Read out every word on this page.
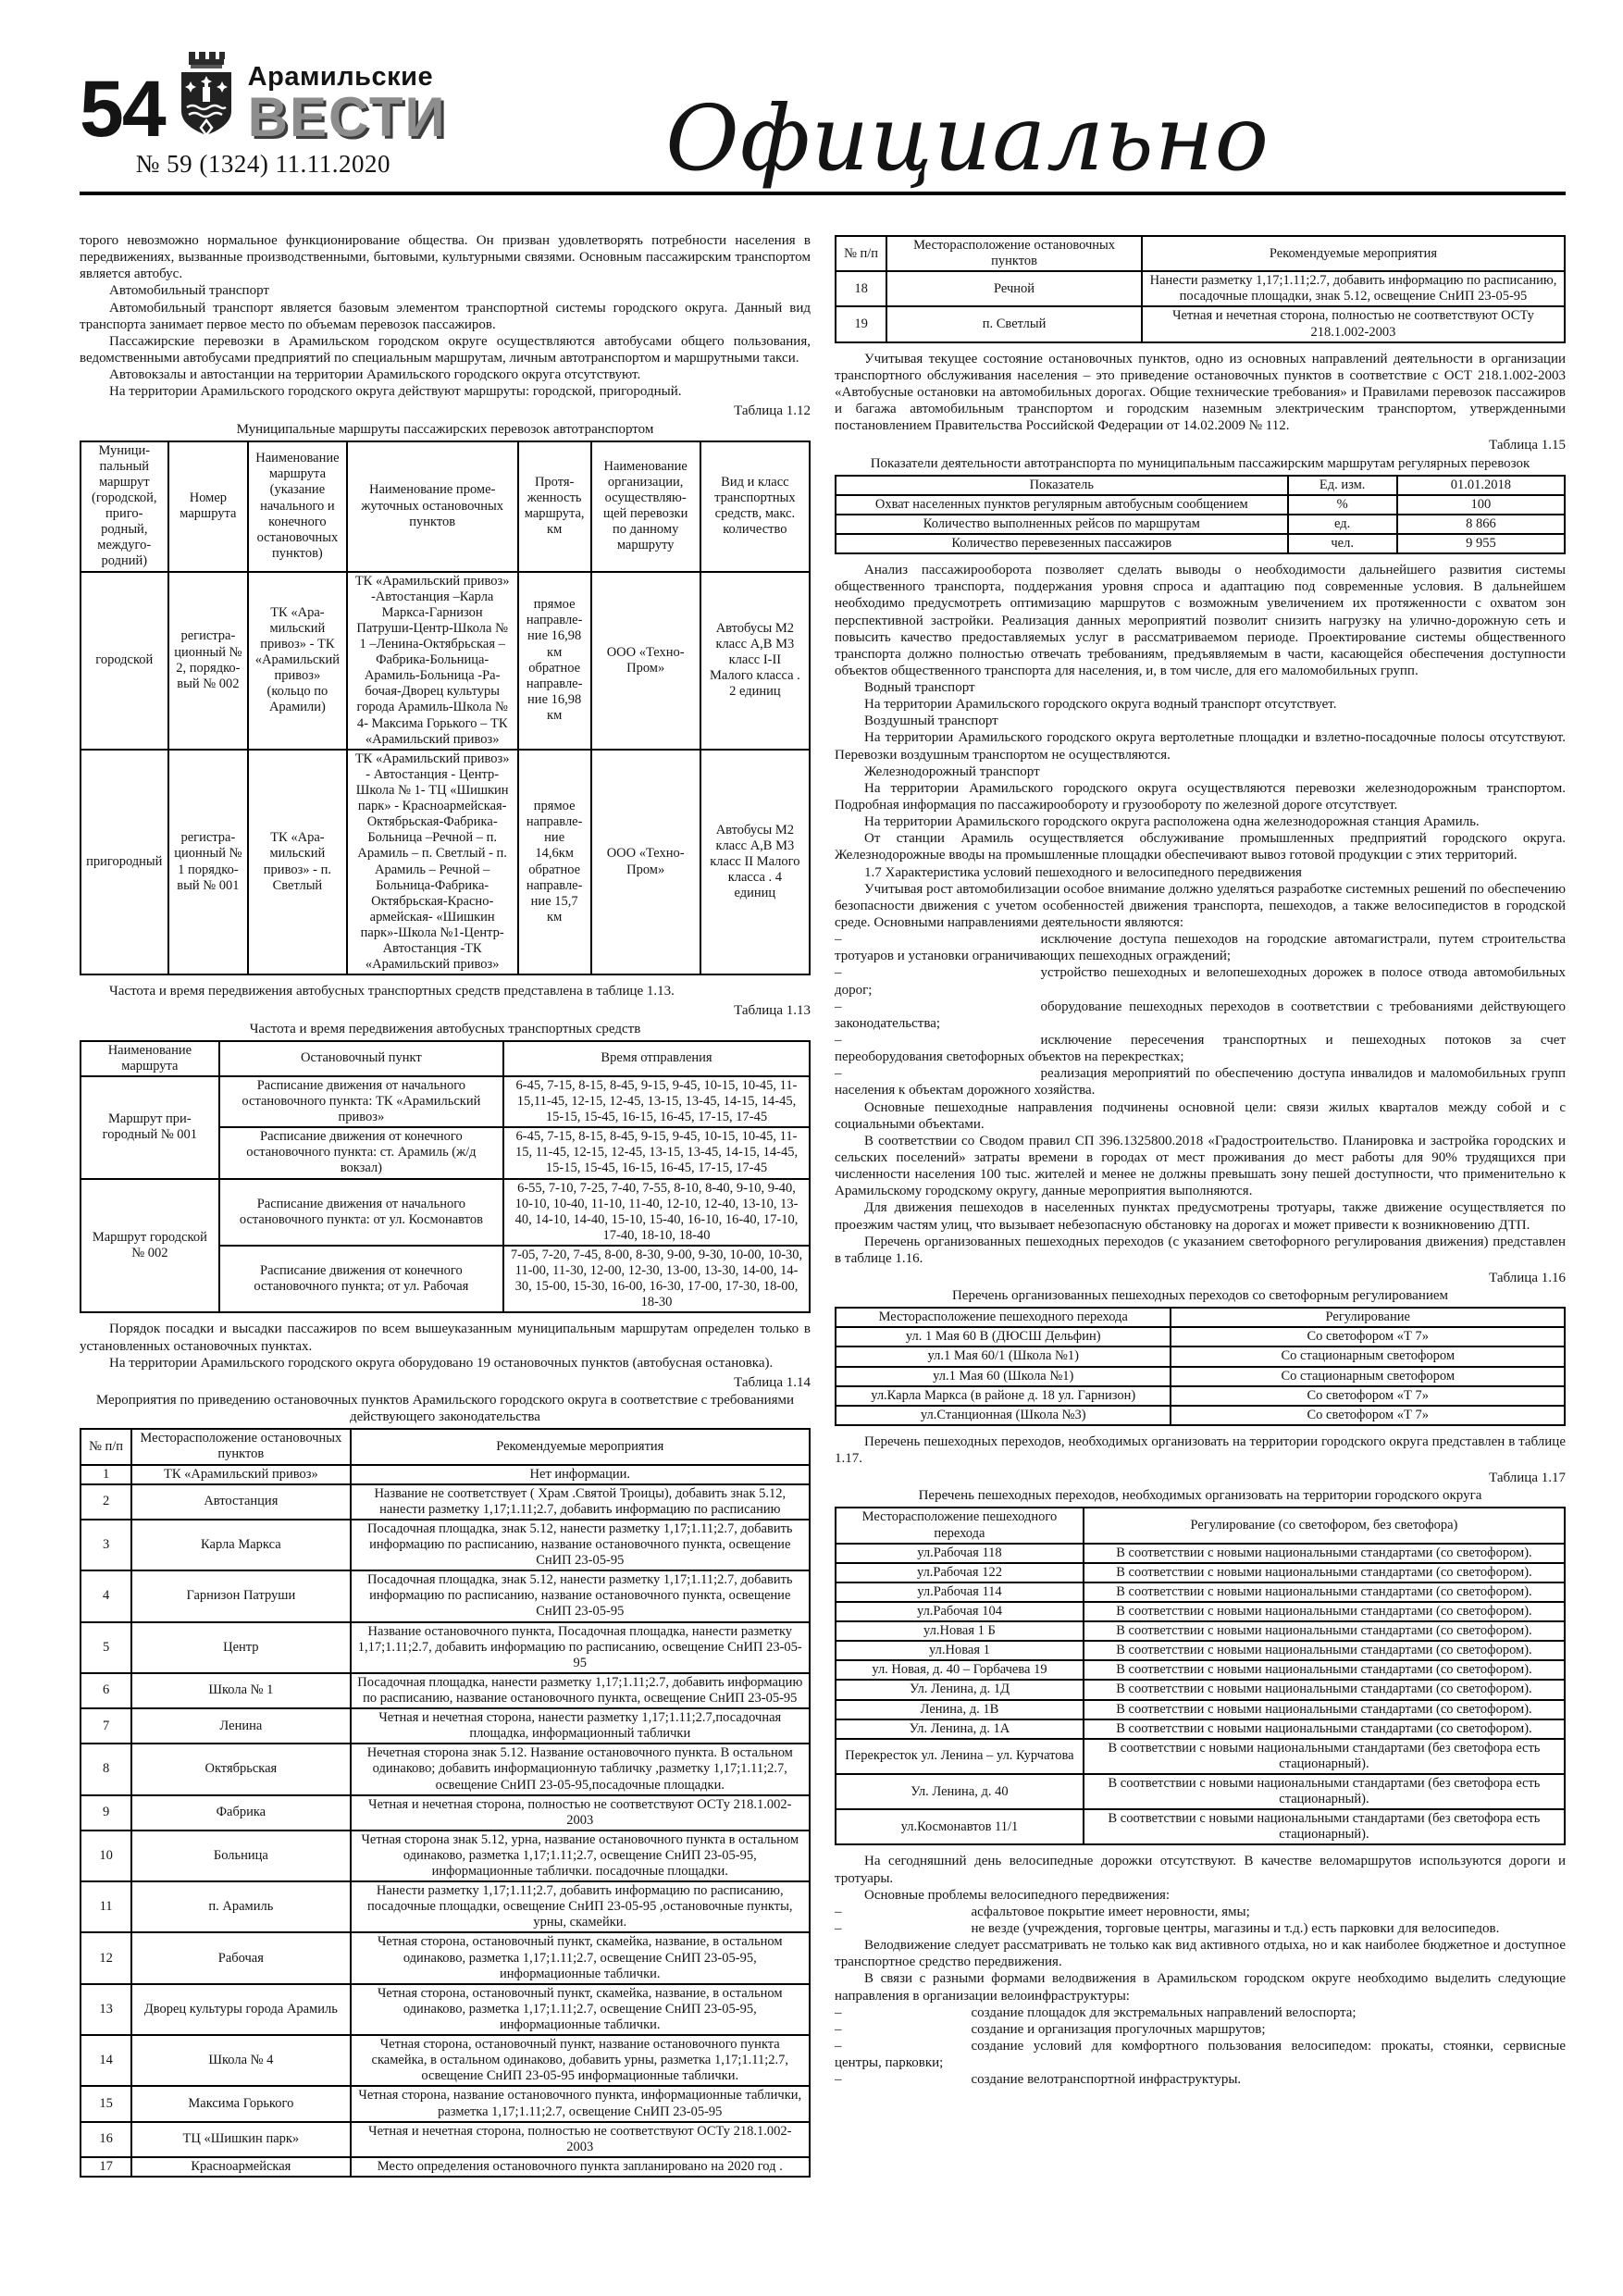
54	Арамильские
ВЕСТИ
№ 59 (1324) 11.11.2020	Официально

торого невозможно нормальное функционирование общества. Он призван удовлетворять потребности населения в передвижениях, вызванные производственными, бытовыми, культурными связями. Основным пассажирским транспортом является автобус.

Автомобильный транспорт

Автомобильный транспорт является базовым элементом транспортной системы городского округа. Данный вид транспорта занимает первое место по объемам перевозок пассажиров.

Пассажирские перевозки в Арамильском городском округе осуществляются автобусами общего пользования, ведомственными автобусами предприятий по специальным маршрутам, личным автотранспортом и маршрутными такси.

Автовокзалы и автостанции на территории Арамильского городского округа отсутствуют.

На территории Арамильского городского округа действуют маршруты: городской, пригородный.

Таблица 1.12

Муниципальные маршруты пассажирских перевозок автотранспортом

Муниципальный маршрут (городской, пригородный, междугородний)	Номер маршрута	Наименование маршрута (указание начального и конечного остановочных пунктов)	Наименование промежуточных остановочных пунктов	Протяженность маршрута, км	Наименование организации, осуществляющей перевозки по данному маршруту	Вид и класс транспортных средств, макс. количество
городской	регистрационный № 2, порядковый № 002	ТК «Арамильский привоз» - ТК «Арамильский привоз» (кольцо по Арамили)	ТК «Арамильский привоз» -Автостанция –Карла Маркса-Гарнизон Патруши-Центр-Школа № 1 –Ленина-Октябрьская – Фабрика-Больница-Арамиль-Больница -Рабочая-Дворец культуры города Арамиль-Школа № 4- Максима Горького – ТК «Арамильский привоз»	прямое направление 16,98 км обратное направление 16,98 км	ООО «Техно-Пром»	Автобусы М2 класс А,В М3 класс I-II Малого класса . 2 единиц
пригородный	регистрационный № 1 порядковый № 001	ТК «Арамильский привоз» - п. Светлый	ТК «Арамильский привоз» - Автостанция - Центр- Школа № 1- ТЦ «Шишкин парк» - Красноармейская-Октябрьская-Фабрика-Больница –Речной – п. Арамиль – п. Светлый - п. Арамиль – Речной – Больница-Фабрика-Октябрьская-Красноармейская- «Шишкин парк»-Школа №1-Центр-Автостанция -ТК «Арамильский привоз»	прямое направление 14,6км обратное направление 15,7 км	ООО «Техно-Пром»	Автобусы М2 класс А,В М3 класс II Малого класса . 4 единиц

Частота и время передвижения автобусных транспортных средств представлена в таблице 1.13.

Таблица 1.13

Частота и время передвижения автобусных транспортных средств

Наименование маршрута	Остановочный пункт	Время отправления
Маршрут пригородный № 001	Расписание движения от начального остановочного пункта: ТК «Арамильский привоз»	6-45, 7-15, 8-15, 8-45, 9-15, 9-45, 10-15, 10-45, 11-15,11-45, 12-15, 12-45, 13-15, 13-45, 14-15, 14-45, 15-15, 15-45, 16-15, 16-45, 17-15, 17-45
	Расписание движения от конечного остановочного пункта: ст. Арамиль (ж/д вокзал)	6-45, 7-15, 8-15, 8-45, 9-15, 9-45, 10-15, 10-45, 11-15, 11-45, 12-15, 12-45, 13-15, 13-45, 14-15, 14-45, 15-15, 15-45, 16-15, 16-45, 17-15, 17-45
Маршрут городской № 002	Расписание движения от начального остановочного пункта: от ул. Космонавтов	6-55, 7-10, 7-25, 7-40, 7-55, 8-10, 8-40, 9-10, 9-40, 10-10, 10-40, 11-10, 11-40, 12-10, 12-40, 13-10, 13-40, 14-10, 14-40, 15-10, 15-40, 16-10, 16-40, 17-10, 17-40, 18-10, 18-40
	Расписание движения от конечного остановочного пункта; от ул. Рабочая	7-05, 7-20, 7-45, 8-00, 8-30, 9-00, 9-30, 10-00, 10-30, 11-00, 11-30, 12-00, 12-30, 13-00, 13-30, 14-00, 14-30, 15-00, 15-30, 16-00, 16-30, 17-00, 17-30, 18-00, 18-30

Порядок посадки и высадки пассажиров по всем вышеуказанным муниципальным маршрутам определен только в установленных остановочных пунктах.

На территории Арамильского городского округа оборудовано 19 остановочных пунктов (автобусная остановка).

Таблица 1.14

Мероприятия по приведению остановочных пунктов Арамильского городского округа в соответствие с требованиями действующего законодательства

№ п/п	Месторасположение остановочных пунктов	Рекомендуемые мероприятия
1	ТК «Арамильский привоз»	Нет информации.
2	Автостанция	Название не соответствует ( Храм .Святой Троицы), добавить знак 5.12, нанести разметку 1,17;1.11;2.7, добавить информацию по расписанию
3	Карла Маркса	Посадочная площадка, знак 5.12, нанести разметку 1,17;1.11;2.7, добавить информацию по расписанию, название остановочного пункта, освещение СнИП 23-05-95
4	Гарнизон Патруши	Посадочная площадка, знак 5.12, нанести разметку 1,17;1.11;2.7, добавить информацию по расписанию, название остановочного пункта, освещение СнИП 23-05-95
5	Центр	Название остановочного пункта, Посадочная площадка, нанести разметку 1,17;1.11;2.7, добавить информацию по расписанию, освещение СнИП 23-05-95
6	Школа № 1	Посадочная площадка, нанести разметку 1,17;1.11;2.7, добавить информацию по расписанию, название остановочного пункта, освещение СнИП 23-05-95
7	Ленина	Четная и нечетная сторона, нанести разметку 1,17;1.11;2.7,посадочная площадка, информационный таблички
8	Октябрьская	Нечетная сторона знак 5.12. Название остановочного пункта. В остальном одинаково; добавить информационную табличку ,разметку 1,17;1.11;2.7, освещение СнИП 23-05-95,посадочные площадки.
9	Фабрика	Четная и нечетная сторона, полностью не соответствуют ОСТу 218.1.002-2003
10	Больница	Четная сторона знак 5.12, урна, название остановочного пункта в остальном одинаково, разметка 1,17;1.11;2.7, освещение СнИП 23-05-95, информационные таблички. посадочные площадки.
11	п. Арамиль	Нанести разметку 1,17;1.11;2.7, добавить информацию по расписанию, посадочные площадки, освещение СнИП 23-05-95 ,остановочные пункты, урны, скамейки.
12	Рабочая	Четная сторона, остановочный пункт, скамейка, название, в остальном одинаково, разметка 1,17;1.11;2.7, освещение СнИП 23-05-95, информационные таблички.
13	Дворец культуры города Арамиль	Четная сторона, остановочный пункт, скамейка, название, в остальном одинаково, разметка 1,17;1.11;2.7, освещение СнИП 23-05-95, информационные таблички.
14	Школа № 4	Четная сторона, остановочный пункт, название остановочного пункта скамейка, в остальном одинаково, добавить урны, разметка 1,17;1.11;2.7, освещение СнИП 23-05-95 информационные таблички.
15	Максима Горького	Четная сторона, название остановочного пункта, информационные таблички, разметка 1,17;1.11;2.7, освещение СнИП 23-05-95
16	ТЦ «Шишкин парк»	Четная и нечетная сторона, полностью не соответствуют ОСТу 218.1.002-2003
17	Красноармейская	Место определения остановочного пункта запланировано на 2020 год .
№ п/п	Месторасположение остановочных пунктов	Рекомендуемые мероприятия
18	Речной	Нанести разметку 1,17;1.11;2.7, добавить информацию по расписанию, посадочные площадки, знак 5.12, освещение СнИП 23-05-95
19	п. Светлый	Четная и нечетная сторона, полностью не соответствуют ОСТу 218.1.002-2003

Учитывая текущее состояние остановочных пунктов, одно из основных направлений деятельности в организации транспортного обслуживания населения – это приведение остановочных пунктов в соответствие с ОСТ 218.1.002-2003 «Автобусные остановки на автомобильных дорогах. Общие технические требования» и Правилами перевозок пассажиров и багажа автомобильным транспортом и городским наземным электрическим транспортом, утвержденными постановлением Правительства Российской Федерации от 14.02.2009 № 112.

Таблица 1.15

Показатели деятельности автотранспорта по муниципальным пассажирским маршрутам регулярных перевозок

Показатель	Ед. изм.	01.01.2018
Охват населенных пунктов регулярным автобусным сообщением	%	100
Количество выполненных рейсов по маршрутам	ед.	8 866
Количество перевезенных пассажиров	чел.	9 955

Анализ пассажирооборота позволяет сделать выводы о необходимости дальнейшего развития системы общественного транспорта, поддержания уровня спроса и адаптацию под современные условия. В дальнейшем необходимо предусмотреть оптимизацию маршрутов с возможным увеличением их протяженности с охватом зон перспективной застройки. Реализация данных мероприятий позволит снизить нагрузку на улично-дорожную сеть и повысить качество предоставляемых услуг в рассматриваемом периоде. Проектирование системы общественного транспорта должно полностью отвечать требованиям, предъявляемым в части, касающейся обеспечения доступности объектов общественного транспорта для населения, и, в том числе, для его маломобильных групп.

Водный транспорт

На территории Арамильского городского округа водный транспорт отсутствует.

Воздушный транспорт

На территории Арамильского городского округа вертолетные площадки и взлетно-посадочные полосы отсутствуют. Перевозки воздушным транспортом не осуществляются.

Железнодорожный транспорт

На территории Арамильского городского округа осуществляются перевозки железнодорожным транспортом. Подробная информация по пассажирообороту и грузообороту по железной дороге отсутствует.

На территории Арамильского городского округа расположена одна железнодорожная станция Арамиль.

От станции Арамиль осуществляется обслуживание промышленных предприятий городского округа. Железнодорожные вводы на промышленные площадки обеспечивают вывоз готовой продукции с этих территорий.

1.7 Характеристика условий пешеходного и велосипедного передвижения

Учитывая рост автомобилизации особое внимание должно уделяться разработке системных решений по обеспечению безопасности движения с учетом особенностей движения транспорта, пешеходов, а также велосипедистов в городской среде. Основными направлениями деятельности являются:

–	исключение доступа пешеходов на городские автомагистрали, путем строительства тротуаров и установки ограничивающих пешеходных ограждений;

–	устройство пешеходных и велопешеходных дорожек в полосе отвода автомобильных дорог;

–	оборудование пешеходных переходов в соответствии с требованиями действующего законодательства;

–	исключение пересечения транспортных и пешеходных потоков за счет переоборудования светофорных объектов на перекрестках;

–	реализация мероприятий по обеспечению доступа инвалидов и маломобильных групп населения к объектам дорожного хозяйства.

Основные пешеходные направления подчинены основной цели: связи жилых кварталов между собой и с социальными объектами.

В соответствии со Сводом правил СП 396.1325800.2018 «Градостроительство. Планировка и застройка городских и сельских поселений» затраты времени в городах от мест проживания до мест работы для 90% трудящихся при численности населения 100 тыс. жителей и менее не должны превышать зону пешей доступности, что применительно к Арамильскому городскому округу, данные мероприятия выполняются.

Для движения пешеходов в населенных пунктах предусмотрены тротуары, также движение осуществляется по проезжим частям улиц, что вызывает небезопасную обстановку на дорогах и может привести к возникновению ДТП.

Перечень организованных пешеходных переходов (с указанием светофорного регулирования движения) представлен в таблице 1.16.

Таблица 1.16

Перечень организованных пешеходных переходов со светофорным регулированием

Месторасположение пешеходного перехода	Регулирование
ул. 1 Мая 60 В (ДЮСШ Дельфин)	Со светофором «Т 7»
ул.1 Мая 60/1 (Школа №1)	Со стационарным светофором
ул.1 Мая 60 (Школа №1)	Со стационарным светофором
ул.Карла Маркса (в районе д. 18 ул. Гарнизон)	Со светофором «Т 7»
ул.Станционная (Школа №3)	Со светофором «Т 7»

Перечень пешеходных переходов, необходимых организовать на территории городского округа представлен в таблице 1.17.

Таблица 1.17

Перечень пешеходных переходов, необходимых организовать на территории городского округа

Месторасположение пешеходного перехода	Регулирование (со светофором, без светофора)
ул.Рабочая 118	В соответствии с новыми национальными стандартами (со светофором).
ул.Рабочая 122	В соответствии с новыми национальными стандартами (со светофором).
ул.Рабочая 114	В соответствии с новыми национальными стандартами (со светофором).
ул.Рабочая 104	В соответствии с новыми национальными стандартами (со светофором).
ул.Новая 1 Б	В соответствии с новыми национальными стандартами (со светофором).
ул.Новая 1	В соответствии с новыми национальными стандартами (со светофором).
ул. Новая, д. 40 – Горбачева 19	В соответствии с новыми национальными стандартами (со светофором).
Ул. Ленина, д. 1Д	В соответствии с новыми национальными стандартами (со светофором).
Ленина, д. 1В	В соответствии с новыми национальными стандартами (со светофором).
Ул. Ленина, д. 1А	В соответствии с новыми национальными стандартами (со светофором).
Перекресток ул. Ленина – ул. Курчатова	В соответствии с новыми национальными стандартами (без светофора есть стационарный).
Ул. Ленина, д. 40	В соответствии с новыми национальными стандартами (без светофора есть стационарный).
ул.Космонавтов 11/1	В соответствии с новыми национальными стандартами (без светофора есть стационарный).

На сегодняшний день велосипедные дорожки отсутствуют. В качестве веломаршрутов используются дороги и тротуары.

Основные проблемы велосипедного передвижения:

–	асфальтовое покрытие имеет неровности, ямы;

–	не везде (учреждения, торговые центры, магазины и т.д.) есть парковки для велосипедов.

Велодвижение следует рассматривать не только как вид активного отдыха, но и как наиболее бюджетное и доступное транспортное средство передвижения.

В связи с разными формами велодвижения в Арамильском городском округе необходимо выделить следующие направления в организации велоинфраструктуры:

–	создание площадок для экстремальных направлений велоспорта;

–	создание и организация прогулочных маршрутов;

–	создание условий для комфортного пользования велосипедом: прокаты, стоянки, сервисные центры, парковки;

–	создание велотранспортной инфраструктуры.
